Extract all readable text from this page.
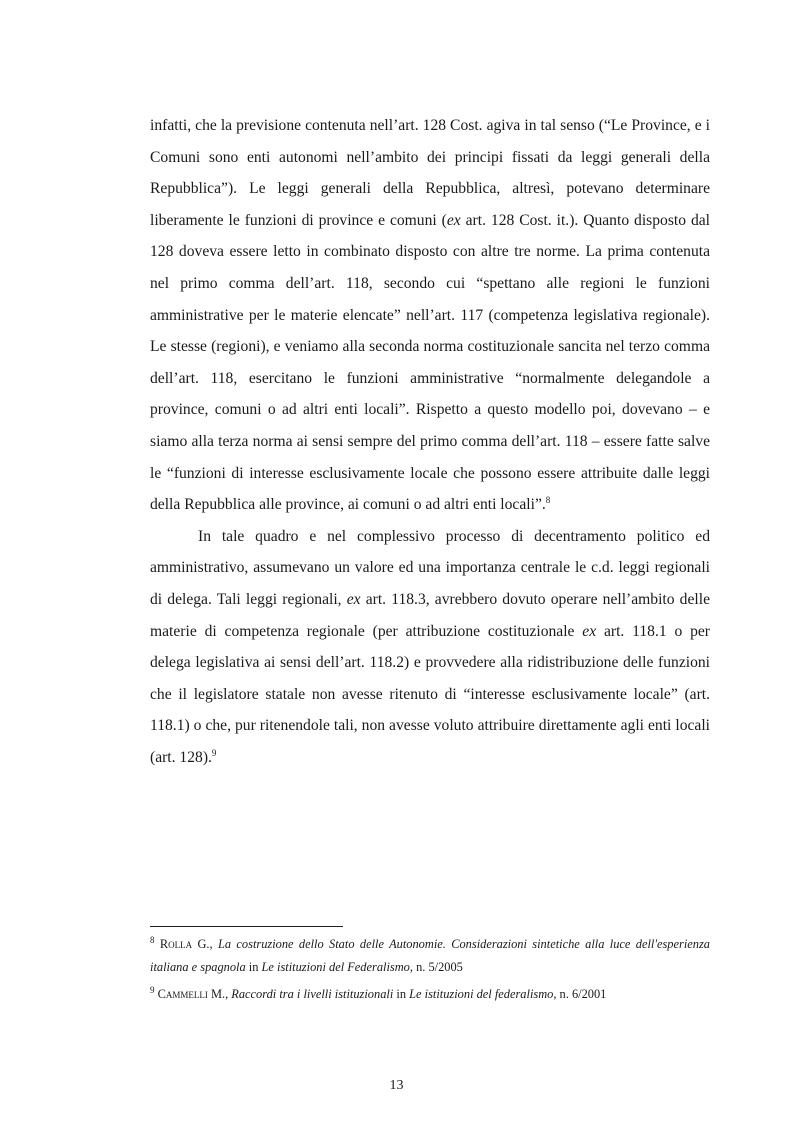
infatti, che la previsione contenuta nell’art. 128 Cost. agiva in tal senso (“Le Province, e i Comuni sono enti autonomi nell’ambito dei principi fissati da leggi generali della Repubblica”). Le leggi generali della Repubblica, altresì, potevano determinare liberamente le funzioni di province e comuni (ex art. 128 Cost. it.). Quanto disposto dal 128 doveva essere letto in combinato disposto con altre tre norme. La prima contenuta nel primo comma dell’art. 118, secondo cui “spettano alle regioni le funzioni amministrative per le materie elencate” nell’art. 117 (competenza legislativa regionale). Le stesse (regioni), e veniamo alla seconda norma costituzionale sancita nel terzo comma dell’art. 118, esercitano le funzioni amministrative “normalmente delegandole a province, comuni o ad altri enti locali”. Rispetto a questo modello poi, dovevano – e siamo alla terza norma ai sensi sempre del primo comma dell’art. 118 – essere fatte salve le “funzioni di interesse esclusivamente locale che possono essere attribuite dalle leggi della Repubblica alle province, ai comuni o ad altri enti locali”.$^8$

In tale quadro e nel complessivo processo di decentramento politico ed amministrativo, assumevano un valore ed una importanza centrale le c.d. leggi regionali di delega. Tali leggi regionali, ex art. 118.3, avrebbero dovuto operare nell’ambito delle materie di competenza regionale (per attribuzione costituzionale ex art. 118.1 o per delega legislativa ai sensi dell’art. 118.2) e provvedere alla ridistribuzione delle funzioni che il legislatore statale non avesse ritenuto di “interesse esclusivamente locale” (art. 118.1) o che, pur ritenendole tali, non avesse voluto attribuire direttamente agli enti locali (art. 128).$^9$

$^8$ Rolla G., La costruzione dello Stato delle Autonomie. Considerazioni sintetiche alla luce dell'esperienza italiana e spagnola in Le istituzioni del Federalismo, n. 5/2005

$^9$ Cammelli M., Raccordi tra i livelli istituzionali in Le istituzioni del federalismo, n. 6/2001

13
